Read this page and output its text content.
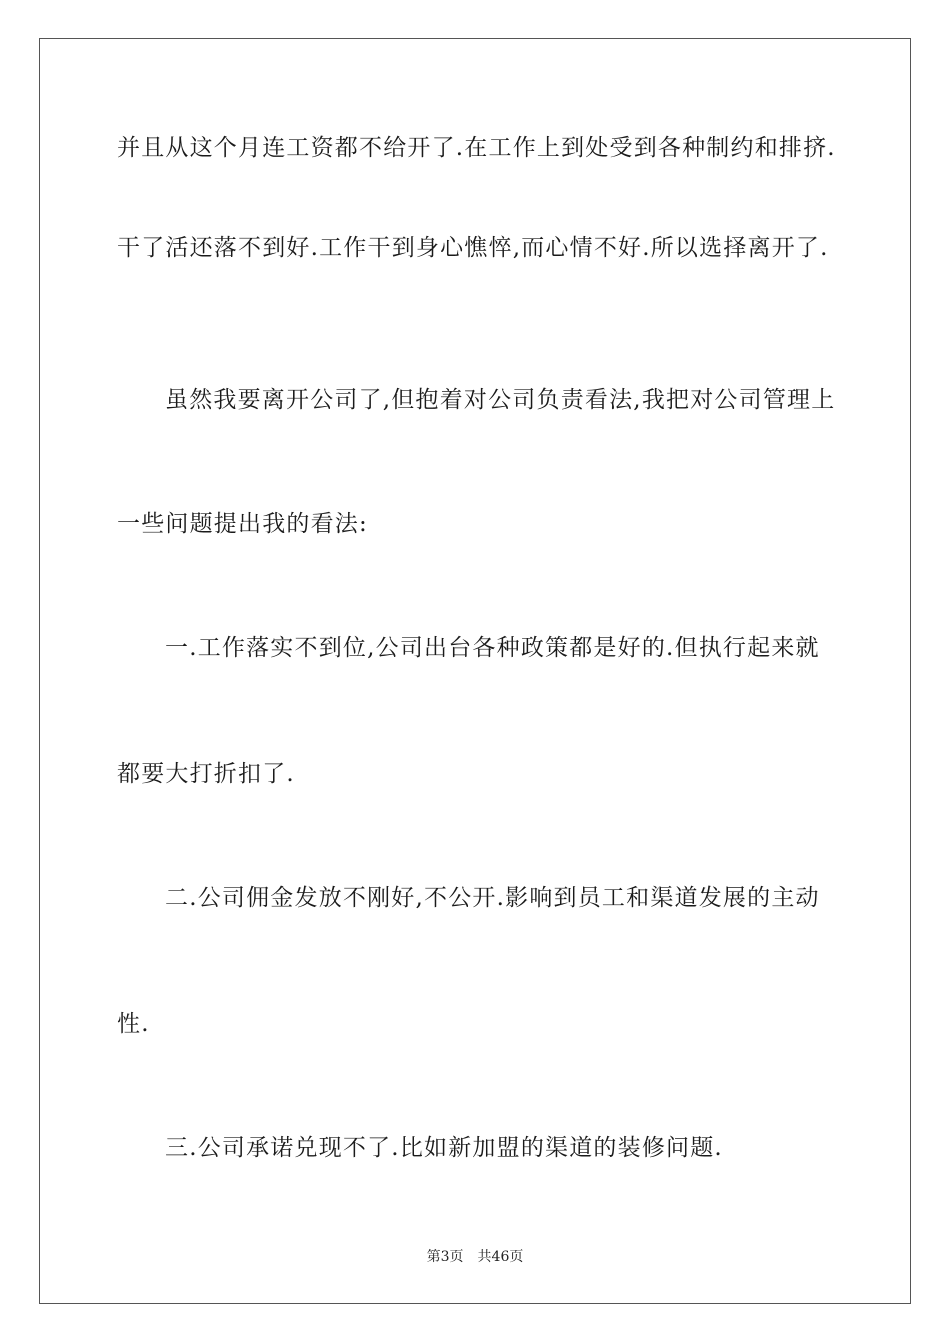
并且从这个月连工资都不给开了.在工作上到处受到各种制约和排挤.
干了活还落不到好.工作干到身心憔悴,而心情不好.所以选择离开了.
虽然我要离开公司了,但抱着对公司负责看法,我把对公司管理上
一些问题提出我的看法:
一.工作落实不到位,公司出台各种政策都是好的.但执行起来就
都要大打折扣了.
二.公司佣金发放不刚好,不公开.影响到员工和渠道发展的主动
性.
三.公司承诺兑现不了.比如新加盟的渠道的装修问题.
第3页 共46页
